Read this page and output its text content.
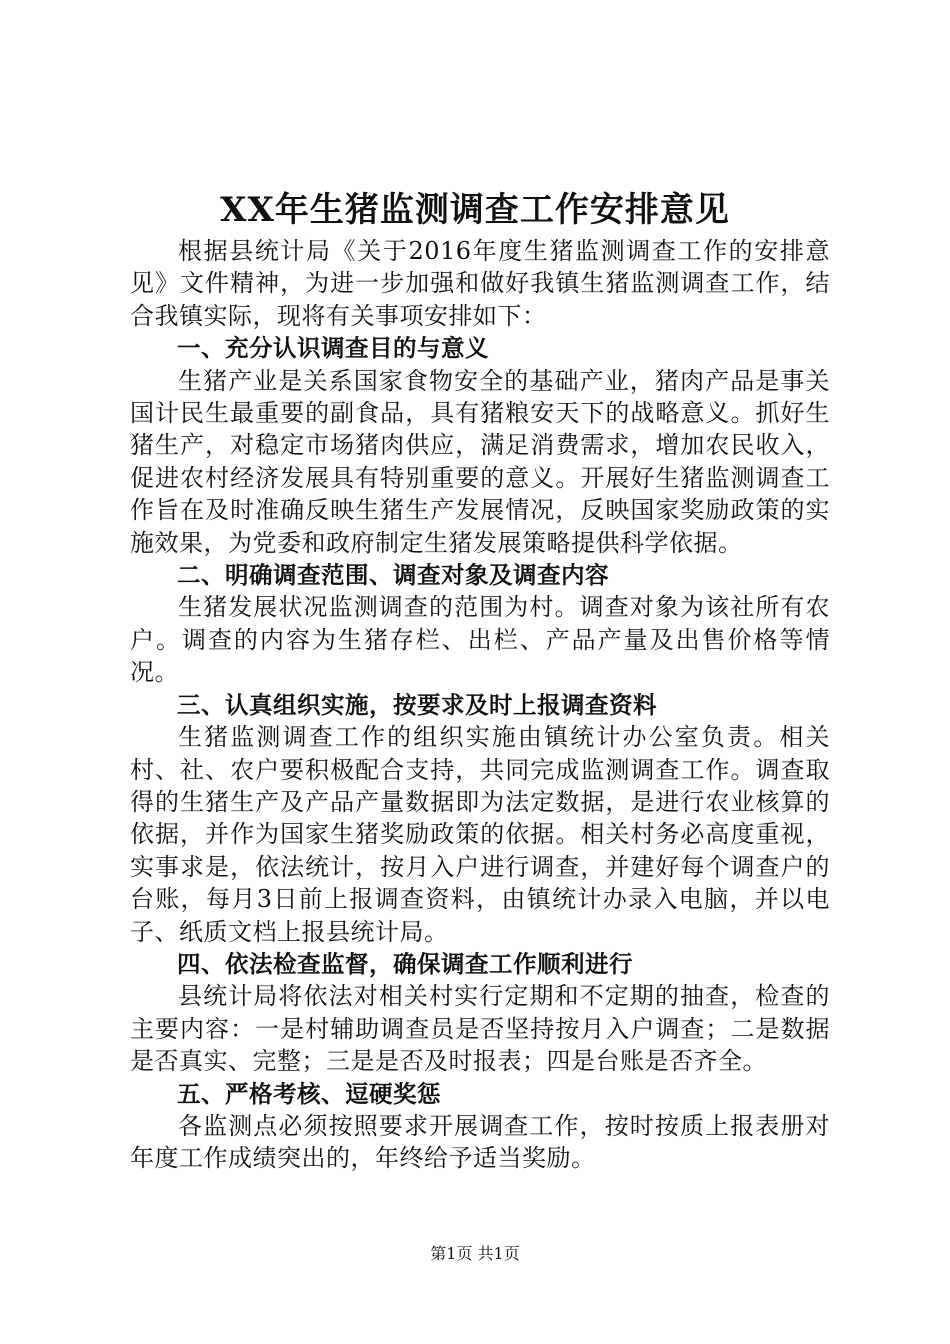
XX年生猪监测调查工作安排意见

根据县统计局《关于2016年度生猪监测调查工作的安排意见》文件精神，为进一步加强和做好我镇生猪监测调查工作，结合我镇实际，现将有关事项安排如下：

一、充分认识调查目的与意义

生猪产业是关系国家食物安全的基础产业，猪肉产品是事关国计民生最重要的副食品，具有猪粮安天下的战略意义。抓好生猪生产，对稳定市场猪肉供应，满足消费需求，增加农民收入，促进农村经济发展具有特别重要的意义。开展好生猪监测调查工作旨在及时准确反映生猪生产发展情况，反映国家奖励政策的实施效果，为党委和政府制定生猪发展策略提供科学依据。

二、明确调查范围、调查对象及调查内容

生猪发展状况监测调查的范围为村。调查对象为该社所有农户。调查的内容为生猪存栏、出栏、产品产量及出售价格等情况。

三、认真组织实施，按要求及时上报调查资料

生猪监测调查工作的组织实施由镇统计办公室负责。相关村、社、农户要积极配合支持，共同完成监测调查工作。调查取得的生猪生产及产品产量数据即为法定数据，是进行农业核算的依据，并作为国家生猪奖励政策的依据。相关村务必高度重视，实事求是，依法统计，按月入户进行调查，并建好每个调查户的台账，每月3日前上报调查资料，由镇统计办录入电脑，并以电子、纸质文档上报县统计局。

四、依法检查监督，确保调查工作顺利进行

县统计局将依法对相关村实行定期和不定期的抽查，检查的主要内容：一是村辅助调查员是否坚持按月入户调查；二是数据是否真实、完整；三是是否及时报表；四是台账是否齐全。

五、严格考核、逗硬奖惩

各监测点必须按照要求开展调查工作，按时按质上报表册对年度工作成绩突出的，年终给予适当奖励。

第1页 共1页
